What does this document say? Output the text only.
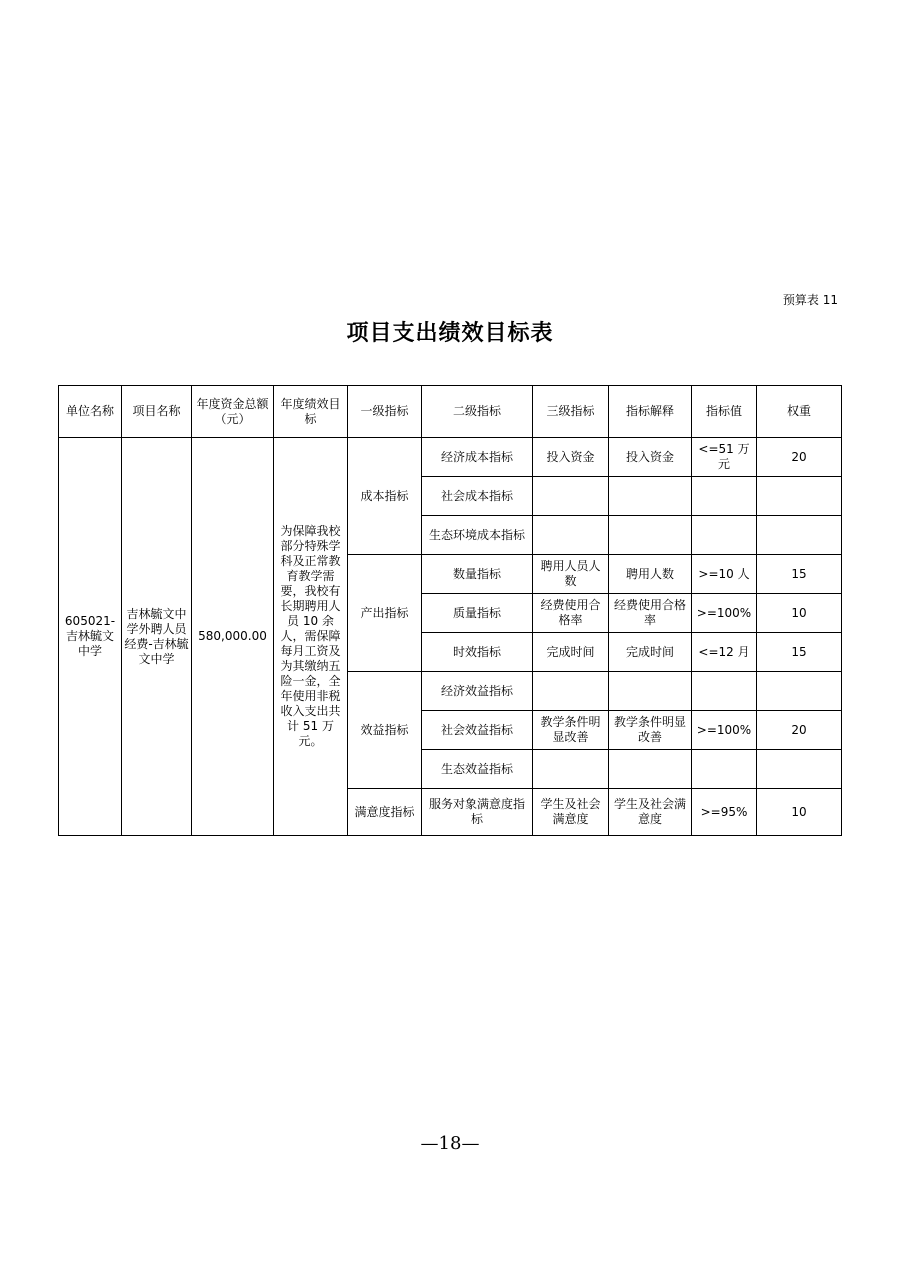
预算表 11
项目支出绩效目标表
单位名称	项目名称	年度资金总额（元）	年度绩效目标	一级指标	二级指标	三级指标	指标解释	指标值	权重
605021-吉林毓文中学	吉林毓文中学外聘人员经费-吉林毓文中学	580,000.00	为保障我校部分特殊学科及正常教育教学需要，我校有长期聘用人员 10 余人，需保障每月工资及为其缴纳五险一金，全年使用非税收入支出共计 51 万元。	成本指标	经济成本指标	投入资金	投入资金	<=51 万元	20
					社会成本指标				
					生态环境成本指标				
				产出指标	数量指标	聘用人员人数	聘用人数	>=10 人	15
					质量指标	经费使用合格率	经费使用合格率	>=100%	10
					时效指标	完成时间	完成时间	<=12 月	15
				效益指标	经济效益指标				
					社会效益指标	教学条件明显改善	教学条件明显改善	>=100%	20
					生态效益指标				
				满意度指标	服务对象满意度指标	学生及社会满意度	学生及社会满意度	>=95%	10
—18—
